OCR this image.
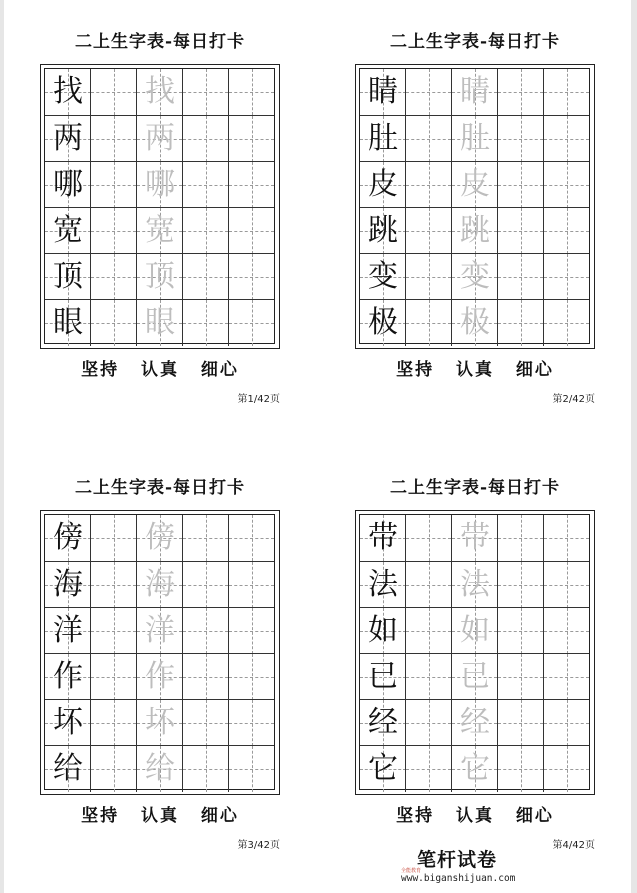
二上生字表-每日打卡
找 找
两 两
哪 哪
宽 宽
顶 顶
眼 眼
坚持 认真 细心
第1/42页
二上生字表-每日打卡
睛 睛
肚 肚
皮 皮
跳 跳
变 变
极 极
坚持 认真 细心
第2/42页
二上生字表-每日打卡
傍 傍
海 海
洋 洋
作 作
坏 坏
给 给
坚持 认真 细心
第3/42页
二上生字表-每日打卡
带 带
法 法
如 如
已 已
经 经
它 它
坚持 认真 细心
第4/42页
笔杆试卷
全能教育
www.biganshijuan.com
